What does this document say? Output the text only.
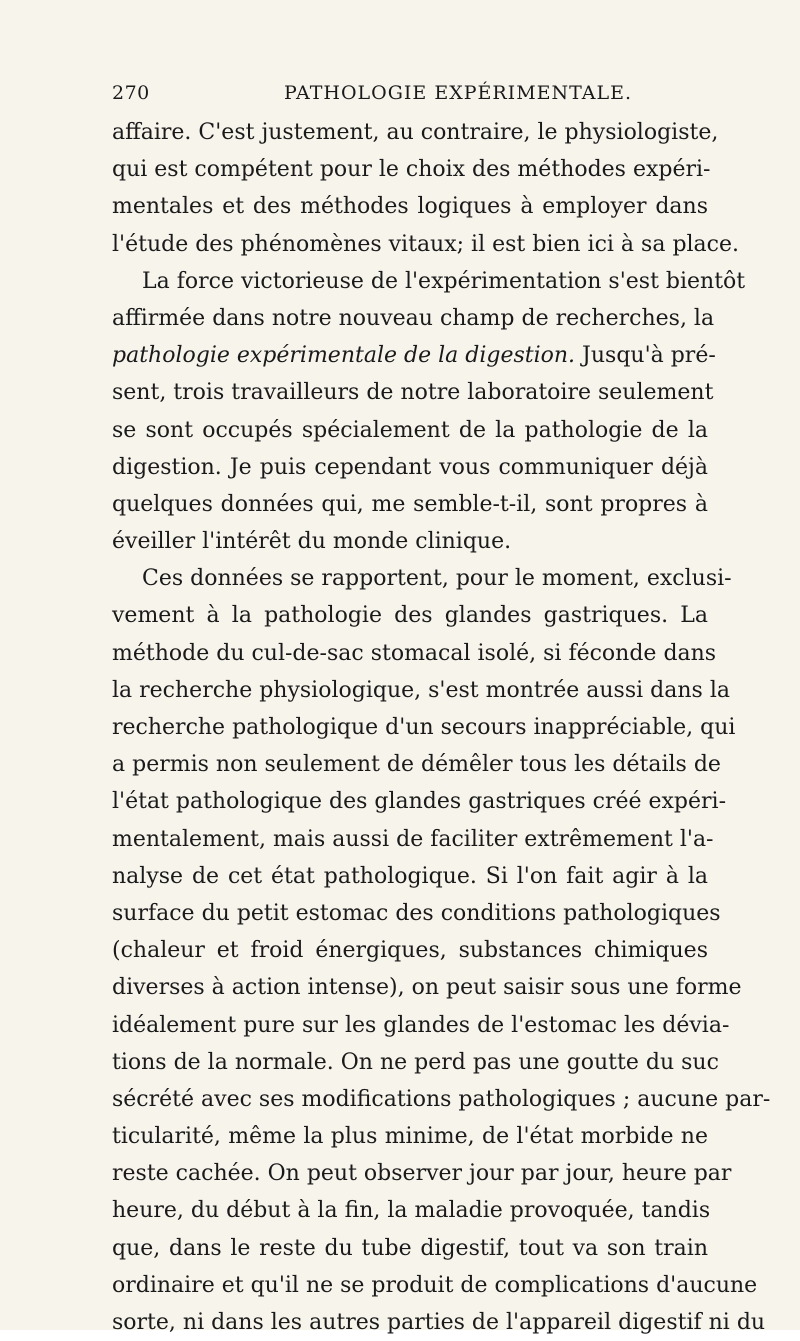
270	PATHOLOGIE EXPÉRIMENTALE.
affaire. C'est justement, au contraire, le physiologiste,
qui est compétent pour le choix des méthodes expéri-
mentales et des méthodes logiques à employer dans
l'étude des phénomènes vitaux; il est bien ici à sa place.
La force victorieuse de l'expérimentation s'est bientôt
affirmée dans notre nouveau champ de recherches, la
pathologie expérimentale de la digestion. Jusqu'à pré-
sent, trois travailleurs de notre laboratoire seulement
se sont occupés spécialement de la pathologie de la
digestion. Je puis cependant vous communiquer déjà
quelques données qui, me semble-t-il, sont propres à
éveiller l'intérêt du monde clinique.
Ces données se rapportent, pour le moment, exclusi-
vement à la pathologie des glandes gastriques. La
méthode du cul-de-sac stomacal isolé, si féconde dans
la recherche physiologique, s'est montrée aussi dans la
recherche pathologique d'un secours inappréciable, qui
a permis non seulement de démêler tous les détails de
l'état pathologique des glandes gastriques créé expéri-
mentalement, mais aussi de faciliter extrêmement l'a-
nalyse de cet état pathologique. Si l'on fait agir à la
surface du petit estomac des conditions pathologiques
(chaleur et froid énergiques, substances chimiques
diverses à action intense), on peut saisir sous une forme
idéalement pure sur les glandes de l'estomac les dévia-
tions de la normale. On ne perd pas une goutte du suc
sécrété avec ses modifications pathologiques ; aucune par-
ticularité, même la plus minime, de l'état morbide ne
reste cachée. On peut observer jour par jour, heure par
heure, du début à la fin, la maladie provoquée, tandis
que, dans le reste du tube digestif, tout va son train
ordinaire et qu'il ne se produit de complications d'aucune
sorte, ni dans les autres parties de l'appareil digestif ni du
